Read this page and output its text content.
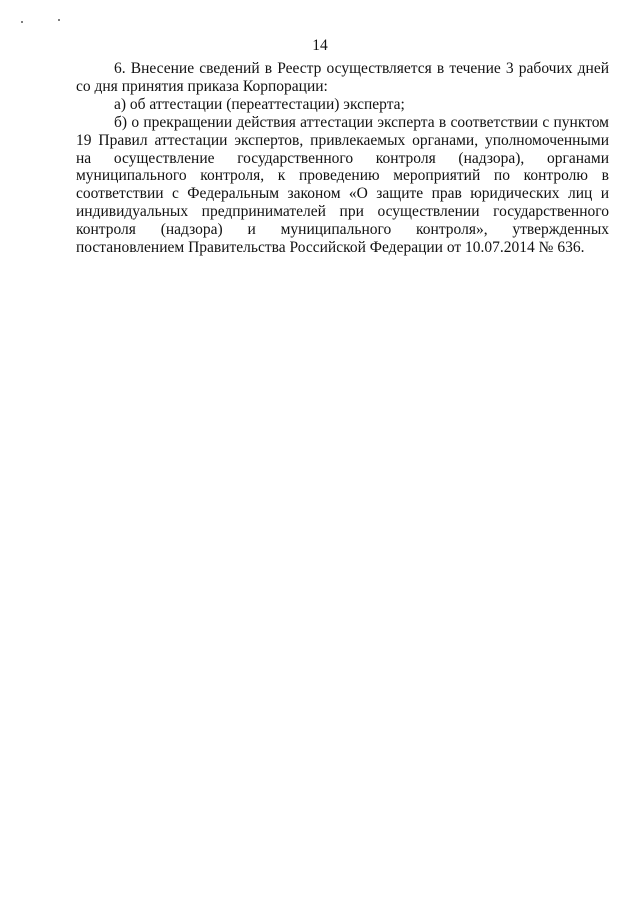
14

6. Внесение сведений в Реестр осуществляется в течение 3 рабочих дней со дня принятия приказа Корпорации:

а) об аттестации (переаттестации) эксперта;

б) о прекращении действия аттестации эксперта в соответствии с пунктом 19 Правил аттестации экспертов, привлекаемых органами, уполномоченными на осуществление государственного контроля (надзора), органами муниципального контроля, к проведению мероприятий по контролю в соответствии с Федеральным законом «О защите прав юридических лиц и индивидуальных предпринимателей при осуществлении государственного контроля (надзора) и муниципального контроля», утвержденных постановлением Правительства Российской Федерации от 10.07.2014 № 636.
